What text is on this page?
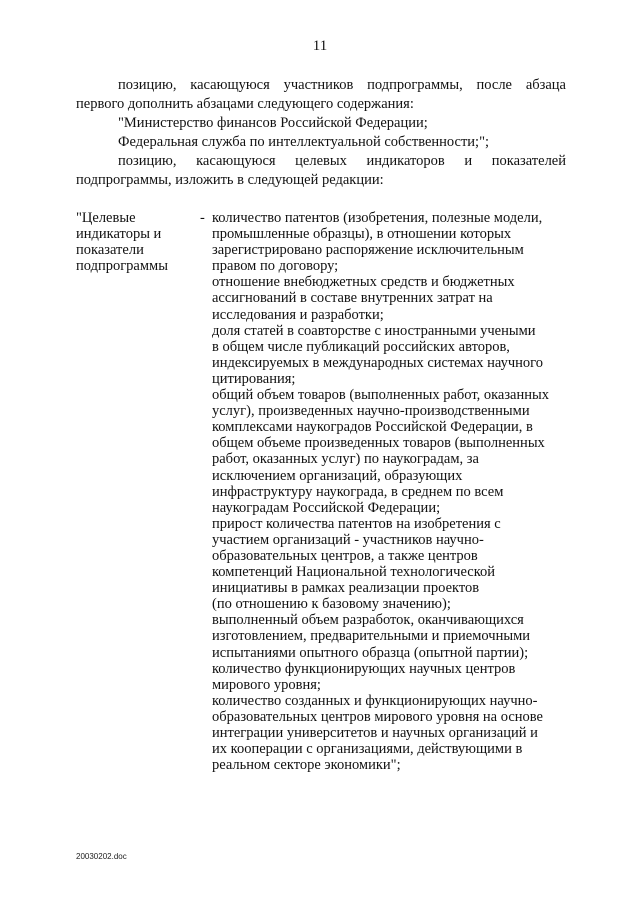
11

позицию, касающуюся участников подпрограммы, после абзаца

первого дополнить абзацами следующего содержания:

"Министерство финансов Российской Федерации;

Федеральная служба по интеллектуальной собственности;";

позицию, касающуюся целевых индикаторов и показателей

подпрограммы, изложить в следующей редакции:

"Целевые
индикаторы и
показатели
подпрограммы
- количество патентов (изобретения, полезные модели,
промышленные образцы), в отношении которых
зарегистрировано распоряжение исключительным
правом по договору;
отношение внебюджетных средств и бюджетных
ассигнований в составе внутренних затрат на
исследования и разработки;
доля статей в соавторстве с иностранными учеными
в общем числе публикаций российских авторов,
индексируемых в международных системах научного
цитирования;
общий объем товаров (выполненных работ, оказанных
услуг), произведенных научно-производственными
комплексами наукоградов Российской Федерации, в
общем объеме произведенных товаров (выполненных
работ, оказанных услуг) по наукоградам, за
исключением организаций, образующих
инфраструктуру наукограда, в среднем по всем
наукоградам Российской Федерации;
прирост количества патентов на изобретения с
участием организаций - участников научно-
образовательных центров, а также центров
компетенций Национальной технологической
инициативы в рамках реализации проектов
(по отношению к базовому значению);
выполненный объем разработок, оканчивающихся
изготовлением, предварительными и приемочными
испытаниями опытного образца (опытной партии);
количество функционирующих научных центров
мирового уровня;
количество созданных и функционирующих научно-
образовательных центров мирового уровня на основе
интеграции университетов и научных организаций и
их кооперации с организациями, действующими в
реальном секторе экономики";
20030202.doc
